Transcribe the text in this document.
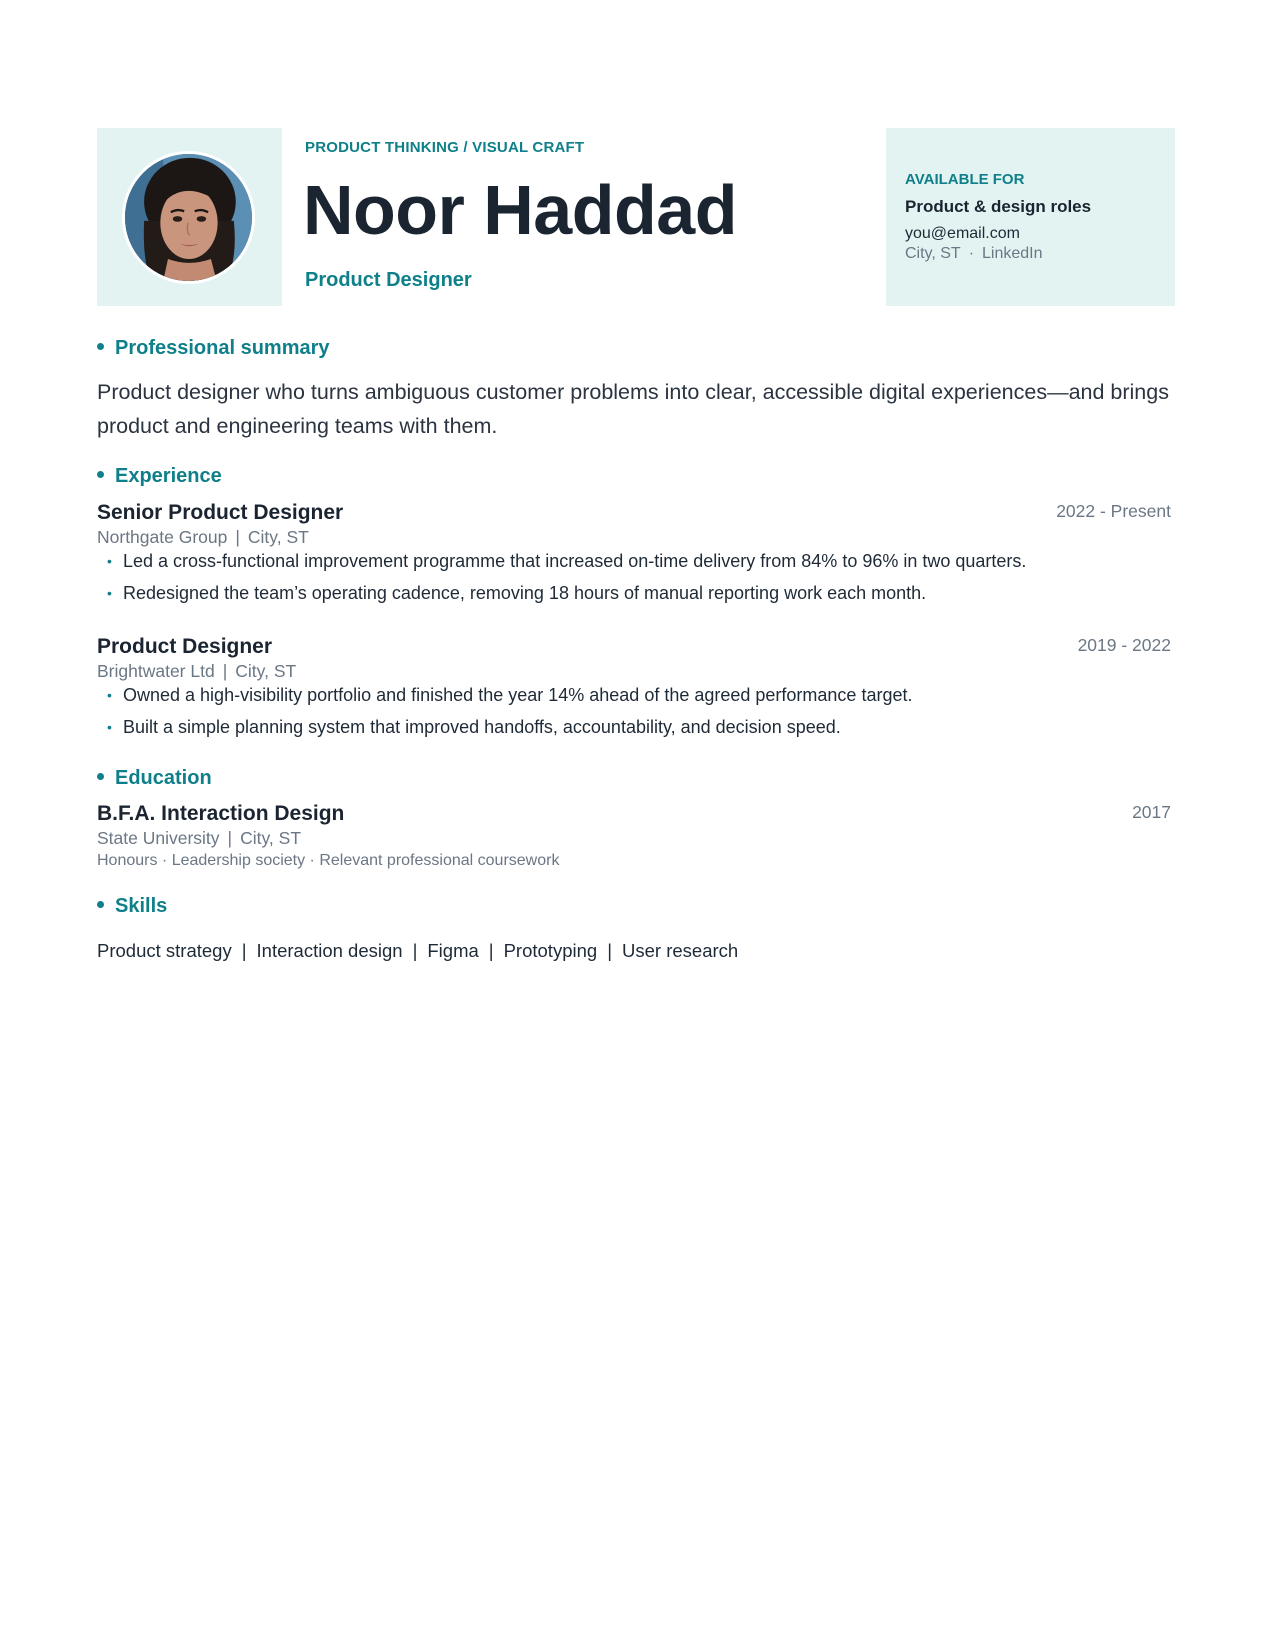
PRODUCT THINKING / VISUAL CRAFT
Noor Haddad
Product Designer
AVAILABLE FOR
Product & design roles
you@email.com
City, ST · LinkedIn
Professional summary
Product designer who turns ambiguous customer problems into clear, accessible digital experiences—and brings product and engineering teams with them.
Experience
Senior Product Designer	2022 - Present
Northgate Group | City, ST
• Led a cross-functional improvement programme that increased on-time delivery from 84% to 96% in two quarters.
• Redesigned the team’s operating cadence, removing 18 hours of manual reporting work each month.
Product Designer	2019 - 2022
Brightwater Ltd | City, ST
• Owned a high-visibility portfolio and finished the year 14% ahead of the agreed performance target.
• Built a simple planning system that improved handoffs, accountability, and decision speed.
Education
B.F.A. Interaction Design	2017
State University | City, ST
Honours · Leadership society · Relevant professional coursework
Skills
Product strategy | Interaction design | Figma | Prototyping | User research
